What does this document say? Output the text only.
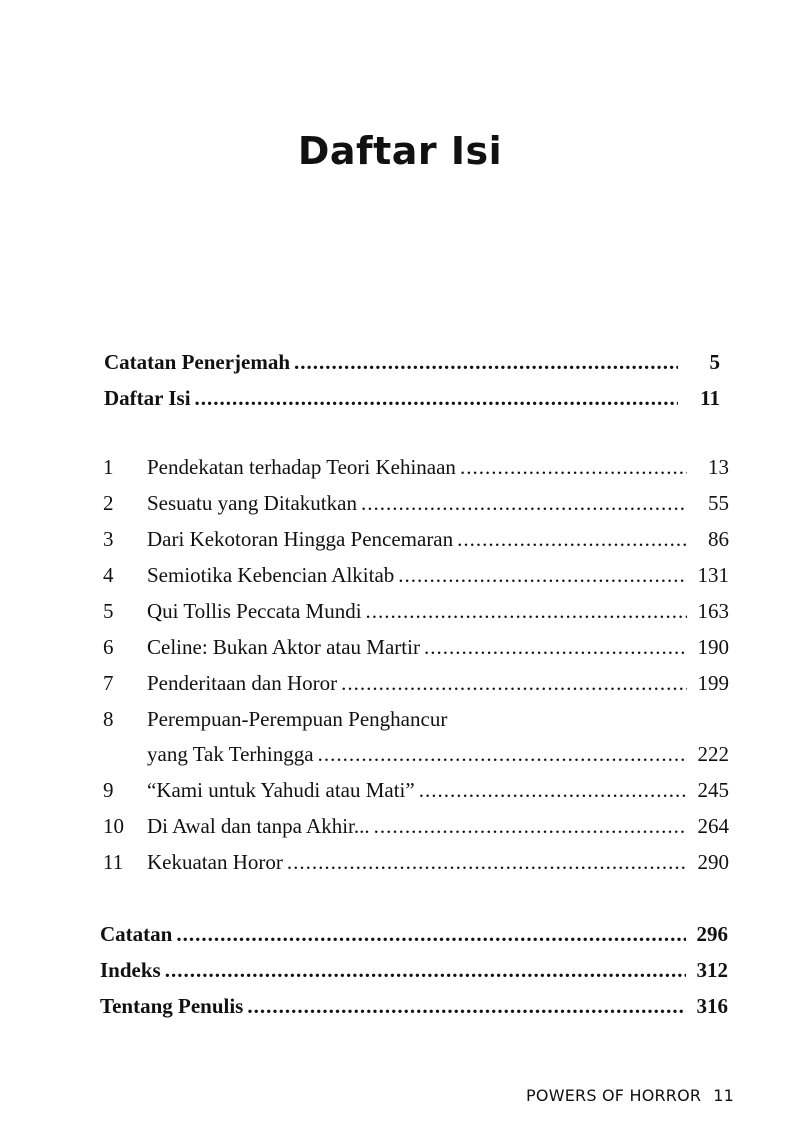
Daftar Isi
Catatan Penerjemah .....	5
Daftar Isi .....	11
1	Pendekatan terhadap Teori Kehinaan .....	13
2	Sesuatu yang Ditakutkan .....	55
3	Dari Kekotoran Hingga Pencemaran .....	86
4	Semiotika Kebencian Alkitab .....	131
5	Qui Tollis Peccata Mundi .....	163
6	Celine: Bukan Aktor atau Martir .....	190
7	Penderitaan dan Horor .....	199
8	Perempuan-Perempuan Penghancur
yang Tak Terhingga .....	222
9	“Kami untuk Yahudi atau Mati” .....	245
10	Di Awal dan tanpa Akhir... .....	264
11	Kekuatan Horor .....	290
Catatan .....	296
Indeks .....	312
Tentang Penulis .....	316
POWERS OF HORROR 11
